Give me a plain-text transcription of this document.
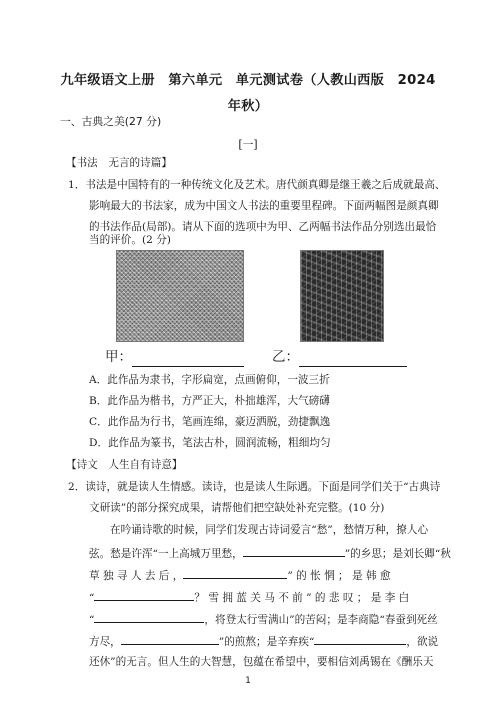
九年级语文上册　第六单元　单元测试卷（人教山西版　2024
年秋）
一、古典之美(27 分)
[一]
【书法　无言的诗篇】
1．书法是中国特有的一种传统文化及艺术。唐代颜真卿是继王羲之后成就最高、
影响最大的书法家，成为中国文人书法的重要里程碑。下面两幅图是颜真卿
的书法作品(局部)。请从下面的选项中为甲、乙两幅书法作品分别选出最恰
甲：	乙：
A．此作品为隶书，字形扁宽，点画俯仰，一波三折
B．此作品为楷书，方严正大，朴拙雄浑，大气磅礴
C．此作品为行书，笔画连绵，豪迈洒脱，劲捷飘逸
D．此作品为篆书，笔法古朴，圆润流畅，粗细均匀
【诗文　人生自有诗意】
2．读诗，就是读人生情感。读诗，也是读人生际遇。下面是同学们关于“古典诗
文研读”的部分探究成果，请帮他们把空缺处补充完整。(10 分)
在吟诵诗歌的时候，同学们发现古诗词爱言“愁”，愁情万种，撩人心
弦。愁是许浑“一上高城万里愁，	”的乡思；是刘长卿“秋
草 独 寻 人 去 后 ，	” 的 怅 惘 ； 是 韩 愈
“	？ 雪 拥 蓝 关 马 不 前 ” 的 悲 叹 ； 是 李 白
“	，将登太行雪满山”的苦闷；是李商隐“春蚕到死丝
方尽，	”的煎熬；是辛弃疾“	，欲说
还休”的无言。但人生的大智慧，包蕴在希望中，要相信刘禹锡在《酬乐天
1
当的评价。(2 分)
